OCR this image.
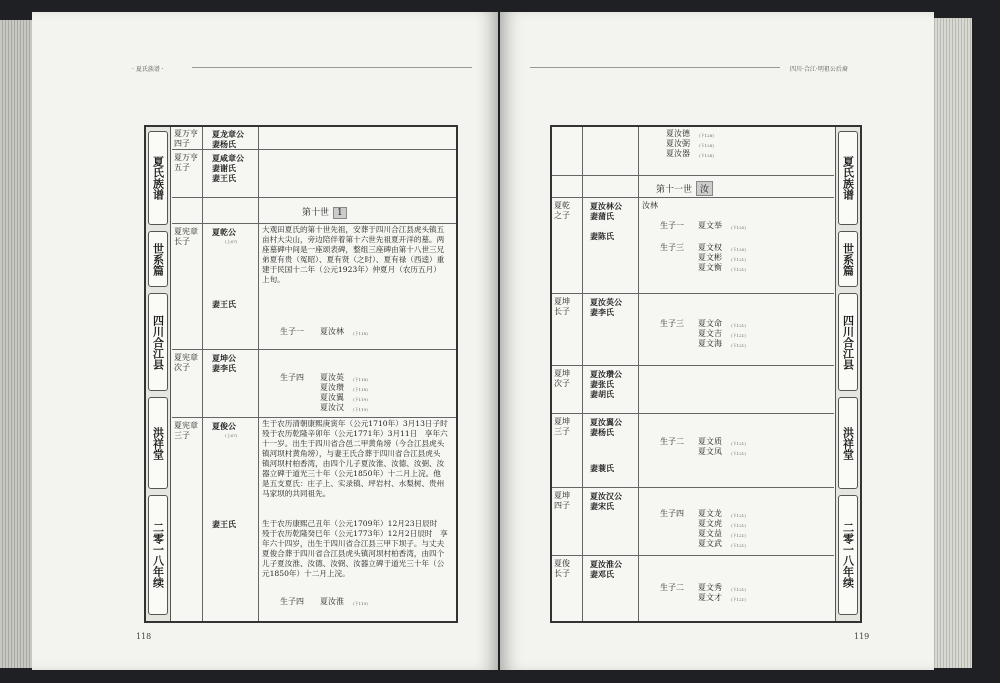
· 夏氏族谱 ·
118
夏氏族谱
世系篇
四川合江县
洪祥堂
二零一八年续
夏万亨
四子
夏龙章公
妻杨氏
夏万亨
五子
夏咸章公
妻谢氏
妻王氏
第十世 1
夏宪章
长子
夏乾公
(上67)
妻王氏
大观田夏氏的第十世先祖，安葬于四川合江县虎头镇五亩村大尖山，旁边陪伴着第十六世先祖夏开洋的墓。两座墓碑中间是一座颂表碑，整组三座碑由第十八世三兄弟夏有贵（冤昭）、夏有贤（之时）、夏有禄（西逵）重建于民国十二年（公元1923年）仲夏月（农历五月）上旬。
生子一 夏汝林 (下118)
夏宪章
次子
夏坤公
妻李氏
生子四 夏汝英 (下118)
夏汝瓒 (下118)
夏汝翼 (下119)
夏汝汉 (下119)
夏宪章
三子
夏俊公
(上67)
妻王氏
生于农历清朝康熙庚寅年（公元1710年）3月13日子时　殁于农历乾隆辛卯年（公元1771年）3月11日　享年六十一岁。出生于四川省合邑二甲黄角塝（今合江县虎头镇河坝村黄角塝），与妻王氏合葬于四川省合江县虎头镇河坝村柏香湾，由四个儿子夏汝淮、汝德、汝弼、汝器立碑于道光三十年（公元1850年）十二月上浣。他是五支夏氏：庄子上、实录镇、坪岩村、水梨树、贵州马家坝的共同祖先。
生于农历康熙己丑年（公元1709年）12月23日辰时　殁于农历乾隆癸巳年（公元1773年）12月2日辰时　享年六十四岁，出生于四川省合江县三甲下坝子。与丈夫夏俊合葬于四川省合江县虎头镇河坝村柏香湾，由四个儿子夏汝淮、汝德、汝弼、汝器立碑于道光三十年（公元1850年）十二月上浣。
生子四 夏汝淮 (下119)
四川·合江·明祖公后裔
119
夏氏族谱
世系篇
四川合江县
洪祥堂
二零一八年续
夏汝德 (下128)
夏汝弼 (下128)
夏汝器 (下128)
第十一世 汝
夏乾
之子
夏汝林公
妻蒲氏
妻陈氏
汝林
生子一 夏文举 (下120)
生子三 夏文权 (下120)
夏文彬 (下121)
夏文衡 (下121)
夏坤
长子
夏汝英公
妻李氏
生子三 夏文命 (下121)
夏文吉 (下121)
夏文海 (下121)
夏坤
次子
夏汝瓒公
妻张氏
妻胡氏
夏坤
三子
夏汝翼公
妻杨氏
妻蓑氏
生子二 夏文质 (下121)
夏文凤 (下121)
夏坤
四子
夏汝汉公
妻宋氏
生子四 夏文龙 (下121)
夏文虎 (下121)
夏文益 (下121)
夏文武 (下121)
夏俊
长子
夏汝淮公
妻邓氏
生子二 夏文秀 (下121)
夏文才 (下121)
